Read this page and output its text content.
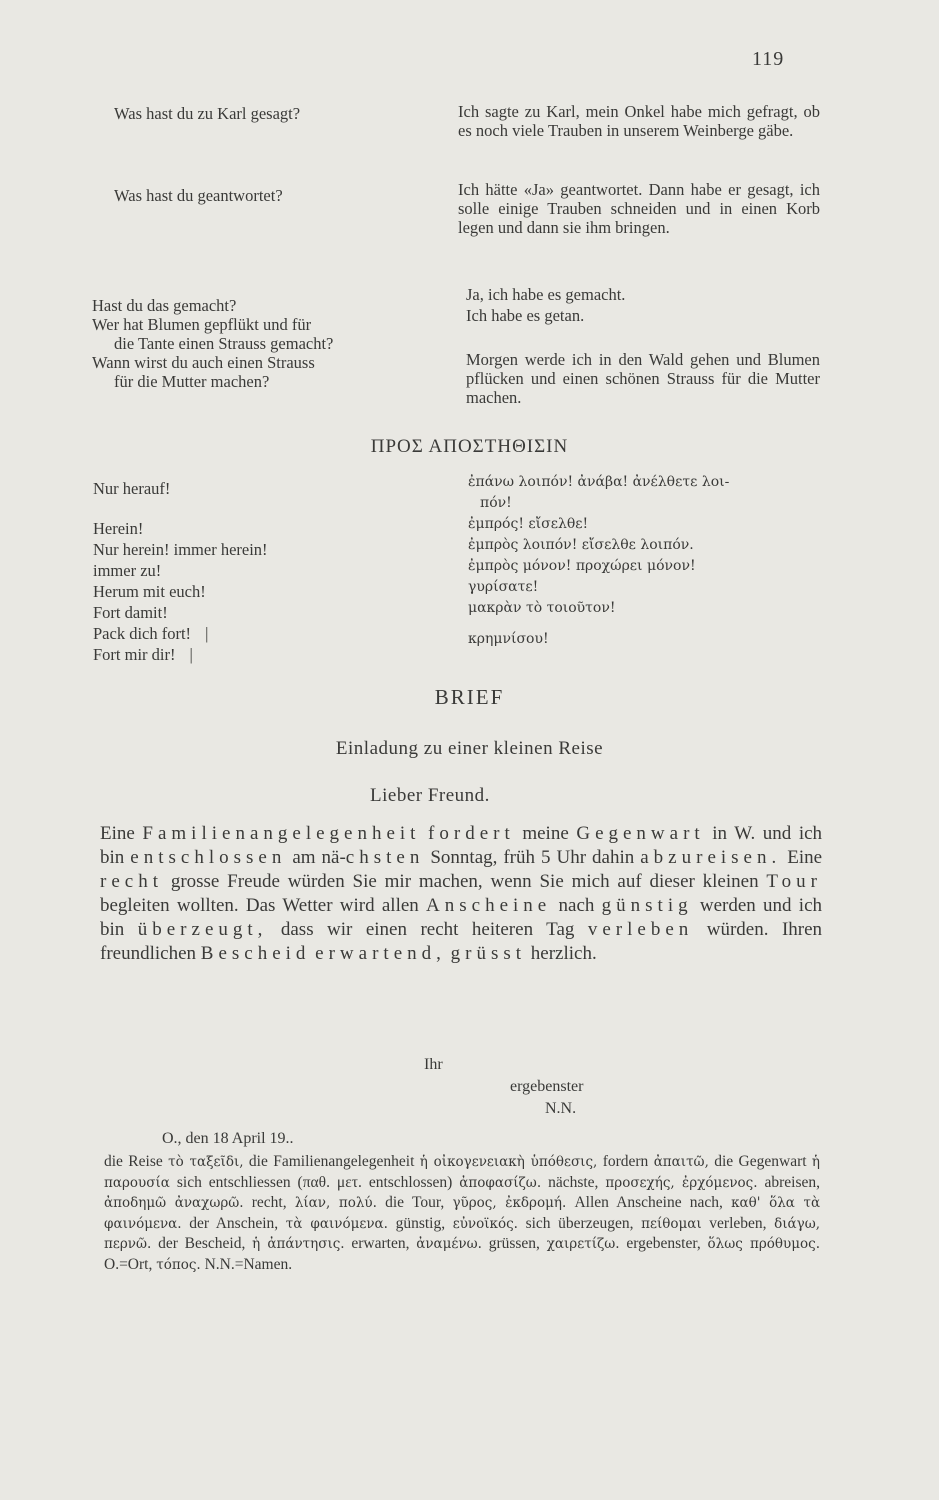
119
Was hast du zu Karl gesagt?	Ich sagte zu Karl, mein Onkel habe mich gefragt, ob es noch viele Trauben in unserem Weinberge gäbe.
Was hast du geantwortet?	Ich hätte «Ja» geantwortet. Dann habe er gesagt, ich solle einige Trauben schneiden und in einen Korb legen und dann sie ihm bringen.
Hast du das gemacht?
Ja, ich habe es gemacht.
Wer hat Blumen gepflükt und für
die Tante einen Strauss gemacht?
Ich habe es getan.
Wann wirst du auch einen Strauss
für die Mutter machen?
Morgen werde ich in den Wald gehen und Blumen pflücken und einen schönen Strauss für die Mutter machen.
ΠΡΟΣ ΑΠΟΣΤΗΘΙΣΙΝ
Nur herauf!
Herein!
Nur herein! immer herein!
immer zu!
Herum mit euch!
Fort damit!
Pack dich fort! |
Fort mir dir! |
ἐπάνω λοιπόν! ἀνάβα! ἀνέλθετε λοι-
πόν!
ἐμπρός! εἴσελθε!
ἐμπρὸς λοιπόν! εἴσελθε λοιπόν.
ἐμπρὸς μόνον! προχώρει μόνον!
γυρίσατε!
μακρὰν τὸ τοιοῦτον!
κρημνίσου!
BRIEF
Einladung zu einer kleinen Reise
Lieber Freund.
Eine Familienangelegenheit fordert meine Gegenwart in W. und ich bin entschlossen am nä-chsten Sonntag, früh 5 Uhr dahin abzureisen. Eine recht grosse Freude würden Sie mir machen, wenn Sie mich auf dieser kleinen Tour begleiten wollten. Das Wetter wird allen Anscheine nach günstig werden und ich bin überzeugt, dass wir einen recht heiteren Tag verleben würden. Ihren freundlichen Bescheid erwartend, grüsst herzlich.
Ihr
ergebenster
N.N.
O., den 18 April 19..
die Reise τὸ ταξεῖδι, die Familienangelegenheit ἡ οἰκογενειακὴ ὑπόθεσις, fordern ἀπαιτῶ, die Gegenwart ἡ παρουσία sich entschliessen (παθ. μετ. entschlossen) ἀποφασίζω. nächste, προσεχής, ἐρχόμενος. abreisen, ἀποδημῶ ἀναχωρῶ. recht, λίαν, πολύ. die Tour, γῦρος, ἐκδρομή. Allen Anscheine nach, καθ' ὅλα τὰ φαινόμενα. der Anschein, τὰ φαινόμενα. günstig, εὐνοϊκός. sich überzeugen, πείθομαι verleben, διάγω, περνῶ. der Bescheid, ἡ ἀπάντησις. erwarten, ἀναμένω. grüssen, χαιρετίζω. ergebenster, ὅλως πρόθυμος. O.=Ort, τόπος. N.N.=Namen.
